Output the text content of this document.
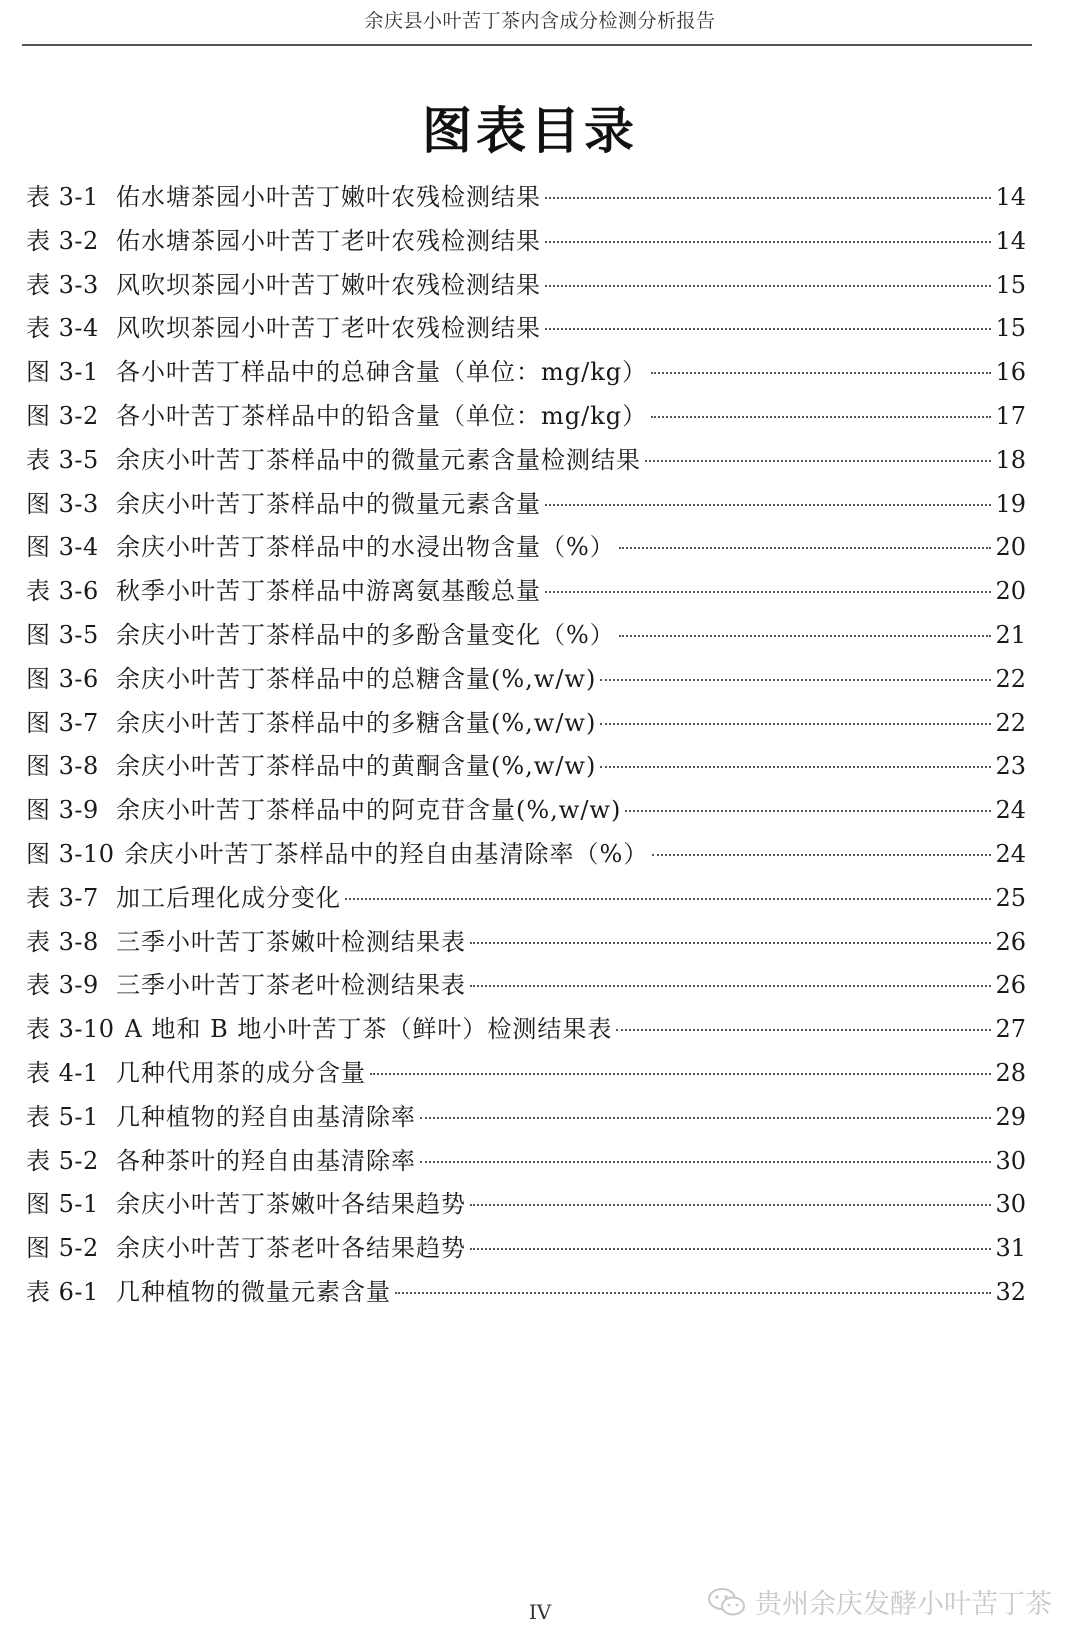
余庆县小叶苦丁茶内含成分检测分析报告
图表目录
表 3-1 佑水塘茶园小叶苦丁嫩叶农残检测结果	14
表 3-2 佑水塘茶园小叶苦丁老叶农残检测结果	14
表 3-3 风吹坝茶园小叶苦丁嫩叶农残检测结果	15
表 3-4 风吹坝茶园小叶苦丁老叶农残检测结果	15
图 3-1 各小叶苦丁样品中的总砷含量（单位：mg/kg）	16
图 3-2 各小叶苦丁茶样品中的铅含量（单位：mg/kg）	17
表 3-5 余庆小叶苦丁茶样品中的微量元素含量检测结果	18
图 3-3 余庆小叶苦丁茶样品中的微量元素含量	19
图 3-4 余庆小叶苦丁茶样品中的水浸出物含量（%）	20
表 3-6 秋季小叶苦丁茶样品中游离氨基酸总量	20
图 3-5 余庆小叶苦丁茶样品中的多酚含量变化（%）	21
图 3-6 余庆小叶苦丁茶样品中的总糖含量(%,w/w)	22
图 3-7 余庆小叶苦丁茶样品中的多糖含量(%,w/w)	22
图 3-8 余庆小叶苦丁茶样品中的黄酮含量(%,w/w)	23
图 3-9 余庆小叶苦丁茶样品中的阿克苷含量(%,w/w)	24
图 3-10 余庆小叶苦丁茶样品中的羟自由基清除率（%）	24
表 3-7 加工后理化成分变化	25
表 3-8 三季小叶苦丁茶嫩叶检测结果表	26
表 3-9 三季小叶苦丁茶老叶检测结果表	26
表 3-10 A 地和 B 地小叶苦丁茶（鲜叶）检测结果表	27
表 4-1 几种代用茶的成分含量	28
表 5-1 几种植物的羟自由基清除率	29
表 5-2 各种茶叶的羟自由基清除率	30
图 5-1 余庆小叶苦丁茶嫩叶各结果趋势	30
图 5-2 余庆小叶苦丁茶老叶各结果趋势	31
表 6-1 几种植物的微量元素含量	32
贵州余庆发酵小叶苦丁茶
IV
